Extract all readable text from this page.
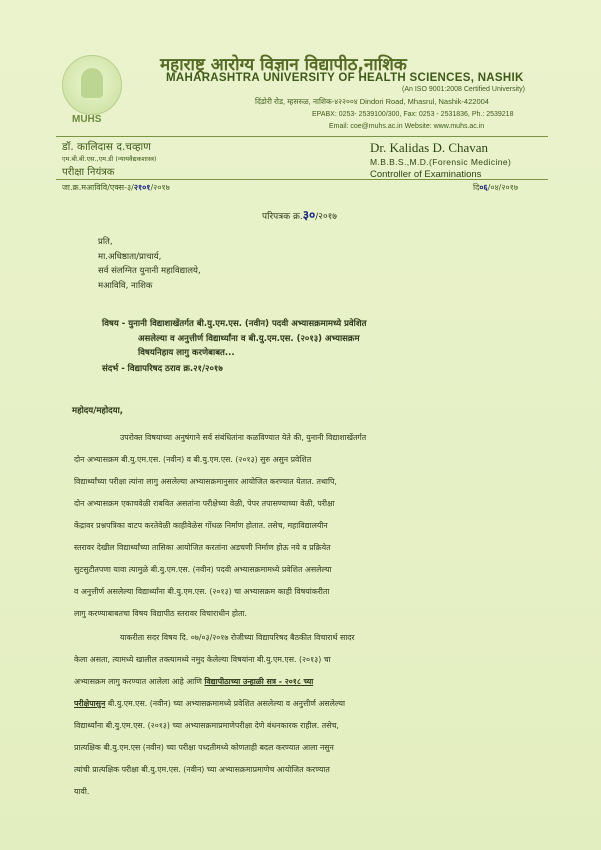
MUHS
महाराष्ट्र आरोग्य विज्ञान विद्यापीठ,नाशिक
MAHARASHTRA UNIVERSITY OF HEALTH SCIENCES, NASHIK
(An ISO 9001:2008 Certified University)
दिंडोरी रोड, म्हसरुळ, नाशिक-४२२००४ Dindori Road, Mhasrul, Nashik-422004
EPABX: 0253- 2539100/300, Fax: 0253 - 2531836, Ph.: 2539218
Email: coe@muhs.ac.in Website: www.muhs.ac.in
डॉ. कालिदास द.चव्हाण
एम.बी.बी.एस.,एम.डी (न्यायवैद्यकशास्त्र)
परीक्षा नियंत्रक
Dr. Kalidas D. Chavan
M.B.B.S.,M.D.(Forensic Medicine)
Controller of Examinations
जा.क्र.मआविवि/एक्स-३/२१०१/२०१७	दि०६/०४/२०१७
परिपत्रक क्र.३०/२०१७
प्रति,
मा.अधिष्ठाता/प्राचार्य,
सर्व संलग्नित युनानी महाविद्यालये,
मआविवि, नाशिक
विषय - युनानी विद्याशाखेंतर्गत बी.यु.एम.एस. (नवीन) पदवी अभ्यासक्रमामध्ये प्रवेशित
असलेल्या व अनुत्तीर्ण विद्यार्थ्यांना व बी.यु.एम.एस. (२०१३) अभ्यासक्रम
विषयनिहाय लागु करणेबाबत...
संदर्भ - विद्यापरिषद ठराव क्र.२१/२०१७
महोदय/महोदया,
उपरोक्त विषयाच्या अनुषंगाने सर्व संबंधितांना कळविण्यात येते की, युनानी विद्याशाखेंतर्गत
दोन अभ्यासक्रम बी.यु.एम.एस. (नवीन) व बी.यु.एम.एस. (२०१३) सुरु असुन प्रवेशित
विद्यार्थ्यांच्या परीक्षा त्यांना लागु असलेल्या अभ्यासक्रमानुसार आयोजित करण्यात येतात. तथापि,
दोन अभ्यासक्रम एकाचवेळी राबवित असतांना परीक्षेच्या वेळी, पेपर तपासण्याच्या वेळी, परीक्षा
केंद्रावर प्रश्नपत्रिका वाटप करतेवेळी काहीवेळेस गोंधळ निर्माण होतात. तसेच, महाविद्यालयीन
स्तरावर देखील विद्यार्थ्यांच्या तासिका आयोजित करतांना अडचणी निर्माण होऊ नये व प्रक्रियेत
सुटसुटीतपणा यावा त्यामुळे बी.यु.एम.एस. (नवीन) पदवी अभ्यासक्रमामध्ये प्रवेशित असलेल्या
व अनुत्तीर्ण असलेल्या विद्यार्थ्यांना बी.यु.एम.एस. (२०१३) चा अभ्यासक्रम काही विषयांकरीता
लागु करण्याबाबतचा विषय विद्यापीठ स्तरावर विचाराधीन होता.
याकरीता सदर विषय दि. ०७/०३/२०१७ रोजीच्या विद्यापरिषद बैठकीत विचारार्थ सादर
केला असता, त्यामध्ये खालील तक्त्यामध्ये नमुद केलेल्या विषयांना बी.यु.एम.एस. (२०१३) चा
अभ्यासक्रम लागु करण्यात आलेला आहे आणि विद्यापीठाच्या उन्हाळी सत्र - २०१८ च्या
परीक्षेपासुन बी.यु.एम.एस. (नवीन) च्या अभ्यासक्रमामध्ये प्रवेशित असलेल्या व अनुत्तीर्ण असलेल्या
विद्यार्थ्यांना बी.यु.एम.एस. (२०१३) च्या अभ्यासक्रमाप्रमाणेपरीक्षा देणे बंधनकारक राहील. तसेच,
प्रात्यक्षिक बी.यु.एम.एस (नवीन) च्या परीक्षा पध्दतीमध्ये कोणताही बदल करण्यात आला नसुन
त्यांची प्रात्यक्षिक परीक्षा बी.यु.एम.एस. (नवीन) च्या अभ्यासक्रमाप्रमाणेच आयोजित करण्यात
यावी.
